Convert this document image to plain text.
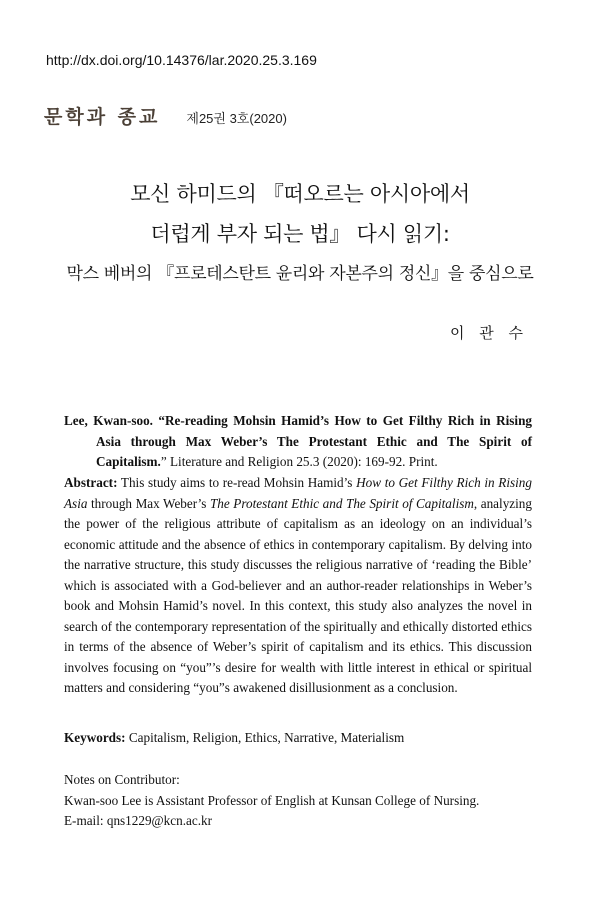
http://dx.doi.org/10.14376/lar.2020.25.3.169
문학과 종교 제25권 3호(2020)
모신 하미드의 『떠오르는 아시아에서
더럽게 부자 되는 법』 다시 읽기:
막스 베버의 『프로테스탄트 윤리와 자본주의 정신』을 중심으로
이 관 수
Lee, Kwan-soo. “Re-reading Mohsin Hamid’s How to Get Filthy Rich in Rising Asia through Max Weber’s The Protestant Ethic and The Spirit of Capitalism.” Literature and Religion 25.3 (2020): 169-92. Print.
Abstract: This study aims to re-read Mohsin Hamid’s How to Get Filthy Rich in Rising Asia through Max Weber’s The Protestant Ethic and The Spirit of Capitalism, analyzing the power of the religious attribute of capitalism as an ideology on an individual’s economic attitude and the absence of ethics in contemporary capitalism. By delving into the narrative structure, this study discusses the religious narrative of ‘reading the Bible’ which is associated with a God-believer and an author-reader relationships in Weber’s book and Mohsin Hamid’s novel. In this context, this study also analyzes the novel in search of the contemporary representation of the spiritually and ethically distorted ethics in terms of the absence of Weber’s spirit of capitalism and its ethics. This discussion involves focusing on “you”’s desire for wealth with little interest in ethical or spiritual matters and considering “you”s awakened disillusionment as a conclusion.
Keywords: Capitalism, Religion, Ethics, Narrative, Materialism
Notes on Contributor:
Kwan-soo Lee is Assistant Professor of English at Kunsan College of Nursing.
E-mail: qns1229@kcn.ac.kr
